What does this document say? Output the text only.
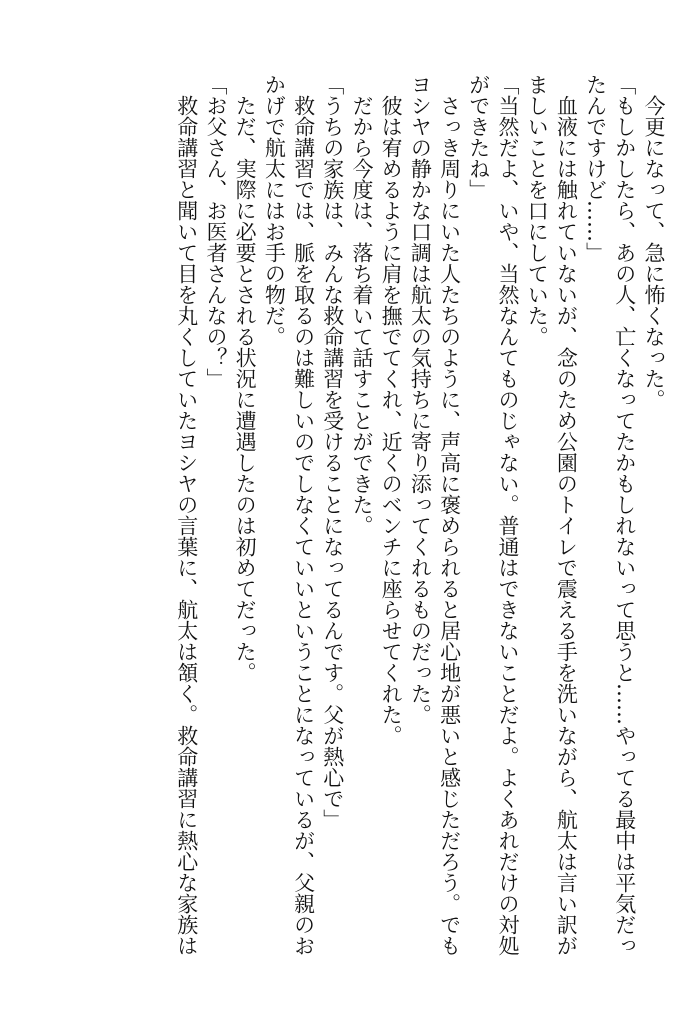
　今更になって、急に怖くなった。
「もしかしたら、あの人、亡くなってたかもしれないって思うと……やってる最中は平気だっ
たんですけど……」
　血液には触れていないが、念のため公園のトイレで震える手を洗いながら、航太は言い訳が
ましいことを口にしていた。
「当然だよ、いや、当然なんてものじゃない。普通はできないことだよ。よくあれだけの対処
ができたね」
　さっき周りにいた人たちのように、声高に褒められると居心地が悪いと感じただろう。でも
ヨシヤの静かな口調は航太の気持ちに寄り添ってくれるものだった。
　彼は宥めるように肩を撫でてくれ、近くのベンチに座らせてくれた。
　だから今度は、落ち着いて話すことができた。
「うちの家族は、みんな救命講習を受けることになってるんです。父が熱心で」
　救命講習では、脈を取るのは難しいのでしなくていいということになっているが、父親のお
かげで航太にはお手の物だ。
　ただ、実際に必要とされる状況に遭遇したのは初めてだった。
「お父さん、お医者さんなの？」
　救命講習と聞いて目を丸くしていたヨシヤの言葉に、航太は頷く。救命講習に熱心な家族は
